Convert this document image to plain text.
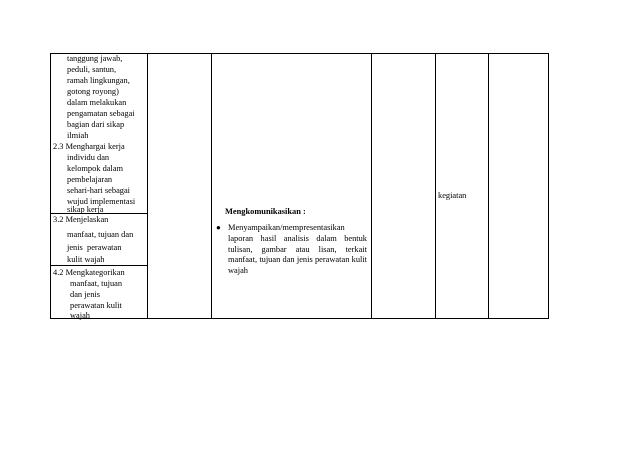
tanggung jawab,
peduli, santun,
ramah lingkungan,
gotong royong)
dalam melakukan
pengamatan sebagai
bagian dari sikap
ilmiah
2.3 Menghargai kerja
individu dan
kelompok dalam
pembelajaran
sehari-hari sebagai
wujud implementasi
sikap kerja
3.2 Menjelaskan
manfaat, tujuan dan
jenis  perawatan
kulit wajah
4.2 Mengkategorikan
manfaat, tujuan
dan jenis
perawatan kulit
wajah
Mengkomunikasikan :
● Menyampaikan/mempresentasikan laporan hasil analisis dalam bentuk tulisan, gambar atau lisan, terkait manfaat, tujuan dan jenis perawatan kulit wajah
kegiatan
